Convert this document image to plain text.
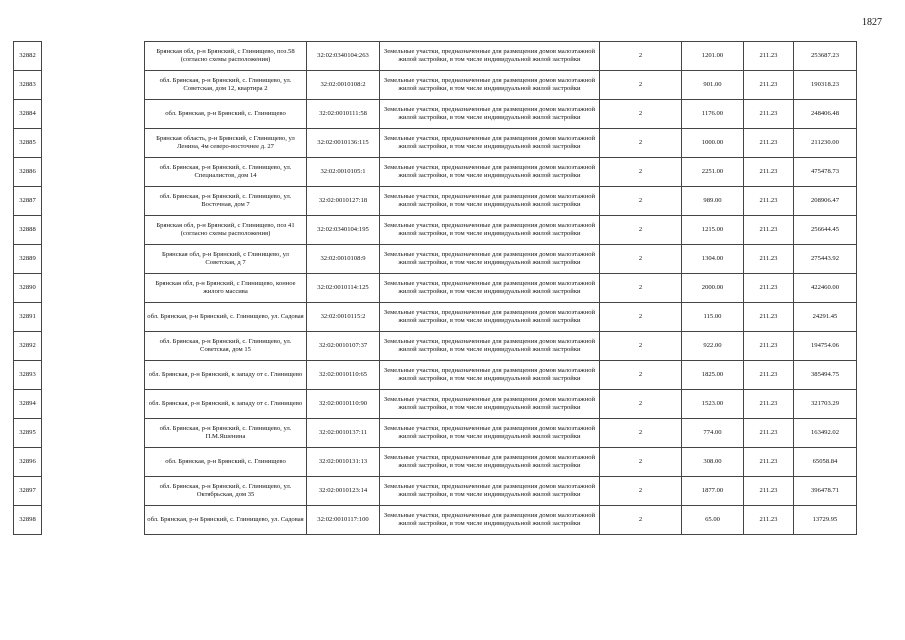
1827
32882		Брянская обл, р-н Брянский, с Глинищево, поз.58 (согласно схемы расположения)	32:02:0340104:263	Земельные участки, предназначенные для размещения домов малоэтажной жилой застройки, в том числе индивидуальной жилой застройки	2	1201.00	211.23	253687.23
32883		обл. Брянская, р-н Брянский, с. Глинищево, ул. Советская, дом 12, квартира 2	32:02:0010108:2	Земельные участки, предназначенные для размещения домов малоэтажной жилой застройки, в том числе индивидуальной жилой застройки	2	901.00	211.23	190318.23
32884		обл. Брянская, р-н Брянский, с. Глинищево	32:02:0010111:58	Земельные участки, предназначенные для размещения домов малоэтажной жилой застройки, в том числе индивидуальной жилой застройки	2	1176.00	211.23	248406.48
32885		Брянская область, р-н Брянский, с Глинищево, ул Ленина, 4м северо-восточнее д. 27	32:02:0010136:115	Земельные участки, предназначенные для размещения домов малоэтажной жилой застройки, в том числе индивидуальной жилой застройки	2	1000.00	211.23	211230.00
32886		обл. Брянская, р-н Брянский, с. Глинищево, ул. Специалистов, дом 14	32:02:0010105:1	Земельные участки, предназначенные для размещения домов малоэтажной жилой застройки, в том числе индивидуальной жилой застройки	2	2251.00	211.23	475478.73
32887		обл. Брянская, р-н Брянский, с. Глинищево, ул. Восточная, дом 7	32:02:0010127:18	Земельные участки, предназначенные для размещения домов малоэтажной жилой застройки, в том числе индивидуальной жилой застройки	2	989.00	211.23	208906.47
32888		Брянская обл, р-н Брянский, с Глинищево, поз 41 (согласно схемы расположения)	32:02:0340104:195	Земельные участки, предназначенные для размещения домов малоэтажной жилой застройки, в том числе индивидуальной жилой застройки	2	1215.00	211.23	256644.45
32889		Брянская обл, р-н Брянский, с Глинищево, ул Советская, д 7	32:02:0010108:9	Земельные участки, предназначенные для размещения домов малоэтажной жилой застройки, в том числе индивидуальной жилой застройки	2	1304.00	211.23	275443.92
32890		Брянская обл, р-н Брянский, с Глинищево, конное жилого массива	32:02:0010114:125	Земельные участки, предназначенные для размещения домов малоэтажной жилой застройки, в том числе индивидуальной жилой застройки	2	2000.00	211.23	422460.00
32891		обл. Брянская, р-н Брянский, с. Глинищево, ул. Садовая	32:02:0010115:2	Земельные участки, предназначенные для размещения домов малоэтажной жилой застройки, в том числе индивидуальной жилой застройки	2	115.00	211.23	24291.45
32892		обл. Брянская, р-н Брянский, с. Глинищево, ул. Советская, дом 15	32:02:0010107:37	Земельные участки, предназначенные для размещения домов малоэтажной жилой застройки, в том числе индивидуальной жилой застройки	2	922.00	211.23	194754.06
32893		обл. Брянская, р-н Брянский, к западу от с. Глинищево	32:02:0010110:65	Земельные участки, предназначенные для размещения домов малоэтажной жилой застройки, в том числе индивидуальной жилой застройки	2	1825.00	211.23	385494.75
32894		обл. Брянская, р-н Брянский, к западу от с. Глинищево	32:02:0010110:90	Земельные участки, предназначенные для размещения домов малоэтажной жилой застройки, в том числе индивидуальной жилой застройки	2	1523.00	211.23	321703.29
32895		обл. Брянская, р-н Брянский, с. Глинищево, ул. П.М.Яшенина	32:02:0010137:11	Земельные участки, предназначенные для размещения домов малоэтажной жилой застройки, в том числе индивидуальной жилой застройки	2	774.00	211.23	163492.02
32896		обл. Брянская, р-н Брянский, с. Глинищево	32:02:0010131:13	Земельные участки, предназначенные для размещения домов малоэтажной жилой застройки, в том числе индивидуальной жилой застройки	2	308.00	211.23	65058.84
32897		обл. Брянская, р-н Брянский, с. Глинищево, ул. Октябрьская, дом 35	32:02:0010123:14	Земельные участки, предназначенные для размещения домов малоэтажной жилой застройки, в том числе индивидуальной жилой застройки	2	1877.00	211.23	396478.71
32898		обл. Брянская, р-н Брянский, с. Глинищево, ул. Садовая	32:02:0010117:100	Земельные участки, предназначенные для размещения домов малоэтажной жилой застройки, в том числе индивидуальной жилой застройки	2	65.00	211.23	13729.95
